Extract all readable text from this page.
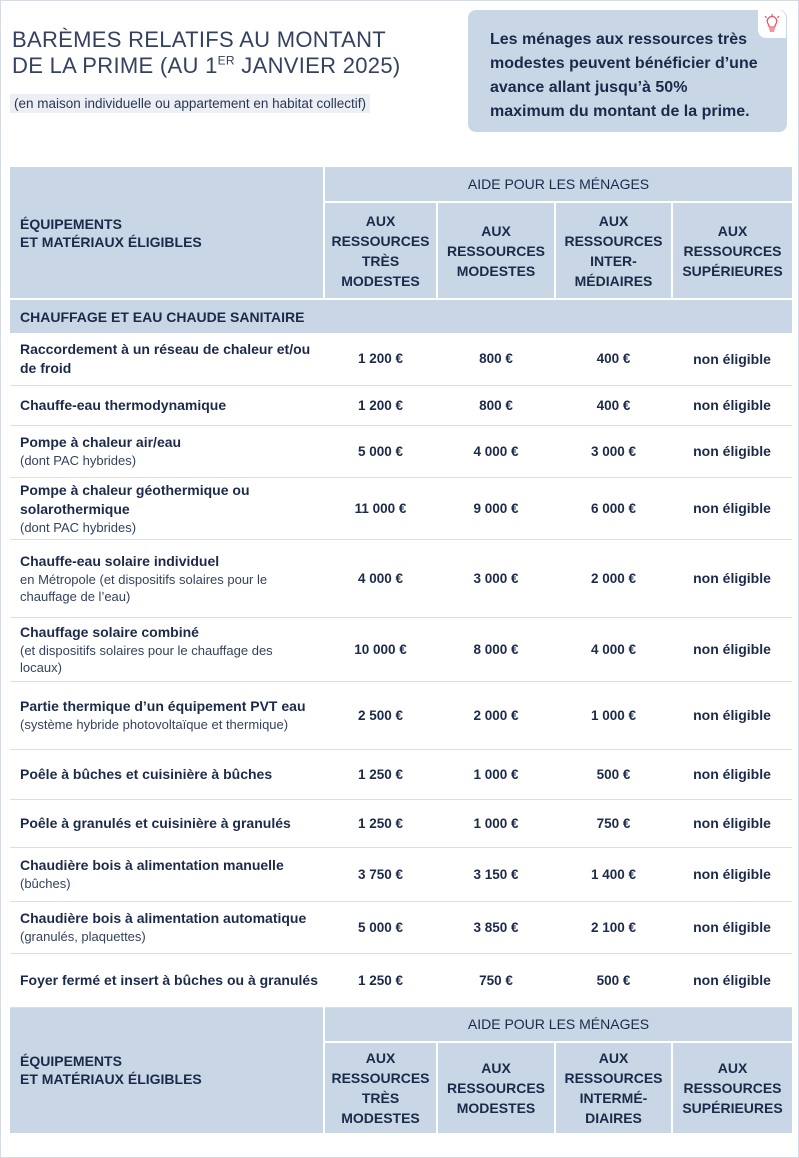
BARÈMES RELATIFS AU MONTANT
DE LA PRIME (AU 1ER JANVIER 2025)
(en maison individuelle ou appartement en habitat collectif)
Les ménages aux ressources très modestes peuvent bénéficier d’une avance allant jusqu’à 50% maximum du montant de la prime.
ÉQUIPEMENTS
ET MATÉRIAUX ÉLIGIBLES	AIDE POUR LES MÉNAGES			
	AUX
RESSOURCES
TRÈS
MODESTES	AUX
RESSOURCES
MODESTES	AUX
RESSOURCES
INTER-
MÉDIAIRES	AUX
RESSOURCES
SUPÉRIEURES
CHAUFFAGE ET EAU CHAUDE SANITAIRE				
Raccordement à un réseau de chaleur et/ou de froid	1 200 €	800 €	400 €	non éligible
Chauffe-eau thermodynamique	1 200 €	800 €	400 €	non éligible
Pompe à chaleur air/eau
(dont PAC hybrides)	5 000 €	4 000 €	3 000 €	non éligible
Pompe à chaleur géothermique ou solarothermique
(dont PAC hybrides)	11 000 €	9 000 €	6 000 €	non éligible
Chauffe-eau solaire individuel
en Métropole (et dispositifs solaires pour le chauffage de l’eau)	4 000 €	3 000 €	2 000 €	non éligible
Chauffage solaire combiné
(et dispositifs solaires pour le chauffage des locaux)	10 000 €	8 000 €	4 000 €	non éligible
Partie thermique d’un équipement PVT eau (système hybride photovoltaïque et thermique)	2 500 €	2 000 €	1 000 €	non éligible
Poêle à bûches et cuisinière à bûches	1 250 €	1 000 €	500 €	non éligible
Poêle à granulés et cuisinière à granulés	1 250 €	1 000 €	750 €	non éligible
Chaudière bois à alimentation manuelle (bûches)	3 750 €	3 150 €	1 400 €	non éligible
Chaudière bois à alimentation automatique (granulés, plaquettes)	5 000 €	3 850 €	2 100 €	non éligible
Foyer fermé et insert à bûches ou à granulés	1 250 €	750 €	500 €	non éligible
ÉQUIPEMENTS
ET MATÉRIAUX ÉLIGIBLES	AIDE POUR LES MÉNAGES			
	AUX
RESSOURCES
TRÈS
MODESTES	AUX
RESSOURCES
MODESTES	AUX
RESSOURCES
INTERMÉ-
DIAIRES	AUX
RESSOURCES
SUPÉRIEURES
